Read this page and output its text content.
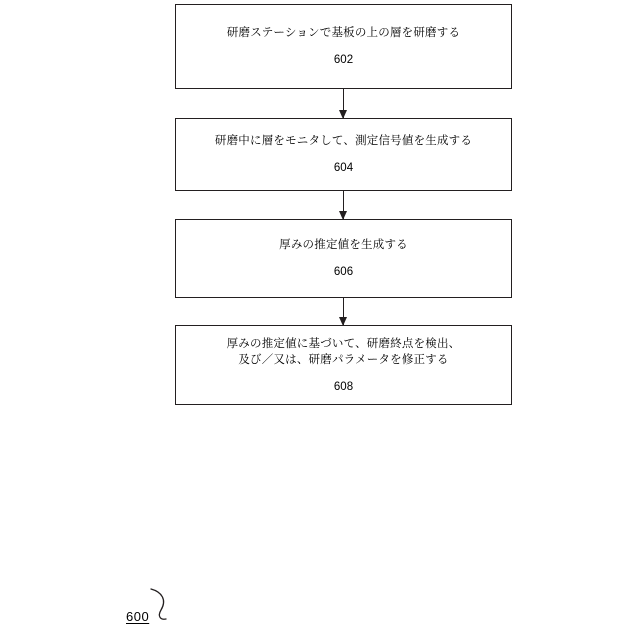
研磨ステーションで基板の上の層を研磨する
602
研磨中に層をモニタして、測定信号値を生成する
604
厚みの推定値を生成する
606
厚みの推定値に基づいて、研磨終点を検出、
及び／又は、研磨パラメータを修正する
608
600
